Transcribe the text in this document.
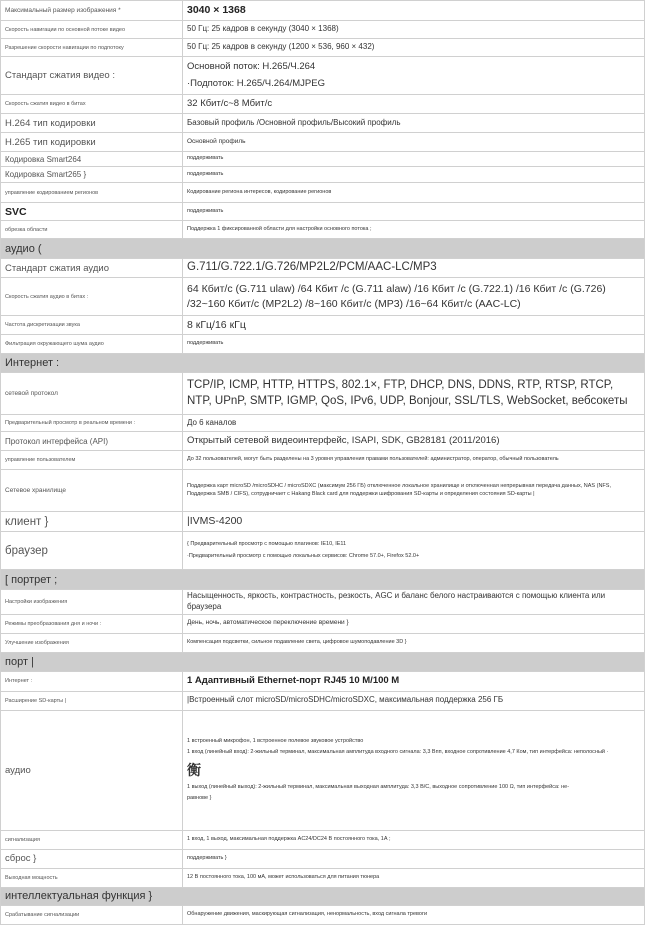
Максимальный размер изображения *	3040 × 1368

Скорость навигации по основной потоке видео	50 Гц: 25 кадров в секунду (3040 × 1368)

Разрешение скорости навигации по подпотоку	50 Гц: 25 кадров в секунду (1200 × 536, 960 × 432)

Стандарт сжатия видео :	Основной поток: H.265/Ч.264
·Подпоток: H.265/Ч.264/MJPEG

Скорость сжатия видео в битах	32 Кбит/с~8 Мбит/с

H.264 тип кодировки	Базовый профиль /Основной профиль/Высокий профиль

H.265 тип кодировки	Основной профиль

Кодировка Smart264	поддерживать

Кодировка Smart265 }	поддерживать

управление кодированием регионов	Кодирование региона интересов, кодирование регионов

SVC	поддерживать

обрезка области	Поддержка 1 фиксированной области для настройки основного потока ;

аудио (	
Стандарт сжатия аудио	G.711/G.722.1/G.726/MP2L2/PCM/AAC-LC/MP3

Скорость сжатия аудио в битах :	64 Кбит/с (G.711 ulaw) /64 Кбит /с (G.711 alaw) /16 Кбит /с (G.722.1) /16 Кбит /с (G.726) /32~160 Кбит/с (MP2L2) /8~160 Кбит/с (MP3) /16~64 Кбит/с (AAC-LC)

Частота дискретизации звука	8 кГц/16 кГц

Фильтрация окружающего шума аудио	поддерживать

Интернет :	
сетевой протокол	TCP/IP, ICMP, HTTP, HTTPS, 802.1×, FTP, DHCP, DNS, DDNS, RTP, RTSP, RTCP, NTP, UPnP, SMTP, IGMP, QoS, IPv6, UDP, Bonjour, SSL/TLS, WebSocket, вебсокеты

Предварительный просмотр в реальном времени :	До 6 каналов

Протокол интерфейса (API)	Открытый сетевой видеоинтерфейс, ISAPI, SDK, GB28181 (2011/2016)

управление пользователем	До 32 пользователей, могут быть разделены на 3 уровня управления правами пользователей: администратор, оператор, обычный пользователь

Сетевое хранилище	Поддержка карт microSD /microSDHC / microSDXC (максимум 256 ГБ) отключенное локальное хранилище и отключенная непрерывная передача данных, NAS (NFS, Поддержка SMB / CIFS), сотрудничает с Hakang Black card для поддержки шифрования SD-карты и определения состояния SD-карты |

клиент }	|IVMS-4200

браузер	{ Предварительный просмотр с помощью плагинов: IE10, IE11
·Предварительный просмотр с помощью локальных сервисов: Chrome 57.0+, Firefox 52.0+

[ портрет ;	
Настройки изображения	Насыщенность, яркость, контрастность, резкость, AGC и баланс белого настраиваются с помощью клиента или браузера

Режимы преобразования дня и ночи :	День, ночь, автоматическое переключение времени }

Улучшение изображения	Компенсация подсветки, сильное подавление света, цифровое шумоподавление 3D }

порт |	
Интернет :	1 Адаптивный Ethernet-порт RJ45 10 M/100 M

Расширение SD-карты |	|Встроенный слот microSD/microSDHC/microSDXC, максимальная поддержка 256 ГБ

аудио	1 встроенный микрофон, 1 встроенное полевое звуковое устройство
1 вход (линейный вход): 2-жильный терминал, максимальная амплитуда входного сигнала: 3,3 Впп, входное сопротивление 4,7 Ком, тип интерфейса: неполосный ·
衡
1 выход (линейный выход): 2-жильный терминал, максимальная выходная амплитуда: 3,3 В/С, выходное сопротивление 100 Ω, тип интерфейса: не-
равнове }

сигнализация	1 вход, 1 выход, максимальная поддержка AC24/DC24 В постоянного тока, 1А ;

сброс }	поддерживать }

Выходная мощность	12 В постоянного тока, 100 мА, может использоваться для питания тюнера

интеллектуальная функция }	
Срабатывание сигнализации	Обнаружение движения, маскирующая сигнализация, ненормальность, вход сигнала тревоги
